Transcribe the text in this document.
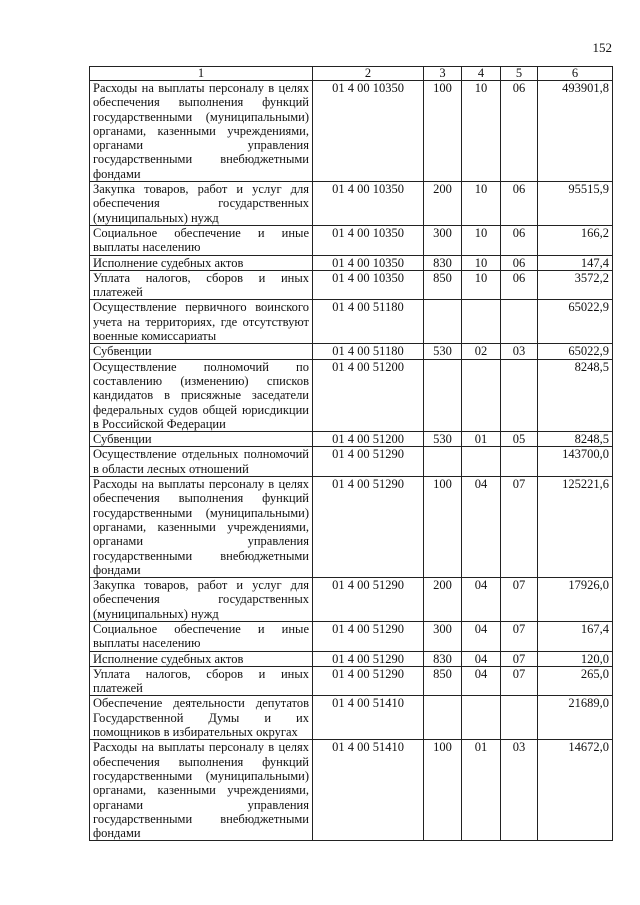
152
1	2	3	4	5	6
Расходы на выплаты персоналу в целях обеспечения выполнения функций государственными (муниципальными) органами, казенными учреждениями, органами управления государственными внебюджетными фондами	01 4 00 10350	100	10	06	493901,8
Закупка товаров, работ и услуг для обеспечения государственных (муниципальных) нужд	01 4 00 10350	200	10	06	95515,9
Социальное обеспечение и иные выплаты населению	01 4 00 10350	300	10	06	166,2
Исполнение судебных актов	01 4 00 10350	830	10	06	147,4
Уплата налогов, сборов и иных платежей	01 4 00 10350	850	10	06	3572,2
Осуществление первичного воинского учета на территориях, где отсутствуют военные комиссариаты	01 4 00 51180				65022,9
Субвенции	01 4 00 51180	530	02	03	65022,9
Осуществление полномочий по составлению (изменению) списков кандидатов в присяжные заседатели федеральных судов общей юрисдикции в Российской Федерации	01 4 00 51200				8248,5
Субвенции	01 4 00 51200	530	01	05	8248,5
Осуществление отдельных полномочий в области лесных отношений	01 4 00 51290				143700,0
Расходы на выплаты персоналу в целях обеспечения выполнения функций государственными (муниципальными) органами, казенными учреждениями, органами управления государственными внебюджетными фондами	01 4 00 51290	100	04	07	125221,6
Закупка товаров, работ и услуг для обеспечения государственных (муниципальных) нужд	01 4 00 51290	200	04	07	17926,0
Социальное обеспечение и иные выплаты населению	01 4 00 51290	300	04	07	167,4
Исполнение судебных актов	01 4 00 51290	830	04	07	120,0
Уплата налогов, сборов и иных платежей	01 4 00 51290	850	04	07	265,0
Обеспечение деятельности депутатов Государственной Думы и их помощников в избирательных округах	01 4 00 51410				21689,0
Расходы на выплаты персоналу в целях обеспечения выполнения функций государственными (муниципальными) органами, казенными учреждениями, органами управления государственными внебюджетными фондами	01 4 00 51410	100	01	03	14672,0
